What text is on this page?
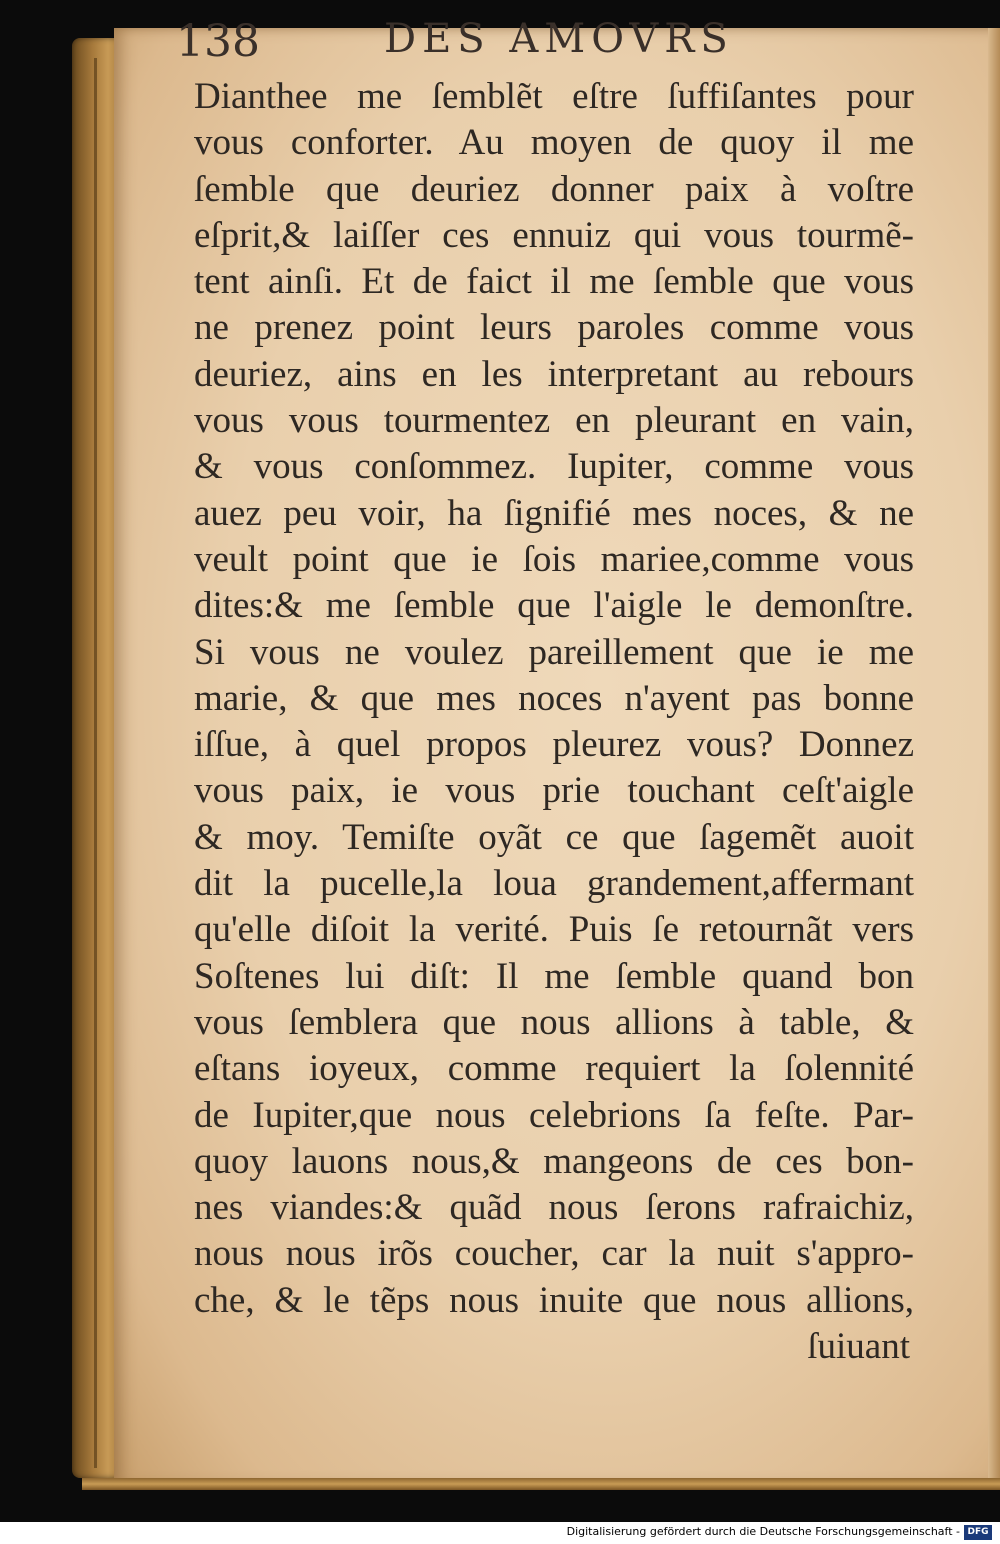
138	DES AMOVRS
Dianthee me ſemblẽt eſtre ſuffiſantes pour
vous conforter. Au moyen de quoy il me
ſemble que deuriez donner paix à voſtre
eſprit,& laiſſer ces ennuiz qui vous tourmẽ-
tent ainſi. Et de faict il me ſemble que vous
ne prenez point leurs paroles comme vous
deuriez, ains en les interpretant au rebours
vous vous tourmentez en pleurant en vain,
& vous conſommez. Iupiter, comme vous
auez peu voir, ha ſignifié mes noces, & ne
veult point que ie ſois mariee,comme vous
dites:& me ſemble que l'aigle le demonſtre.
Si vous ne voulez pareillement que ie me
marie, & que mes noces n'ayent pas bonne
iſſue, à quel propos pleurez vous? Donnez
vous paix, ie vous prie touchant ceſt'aigle
& moy. Temiſte oyãt ce que ſagemẽt auoit
dit la pucelle,la loua grandement,affermant
qu'elle diſoit la verité. Puis ſe retournãt vers
Soſtenes lui diſt: Il me ſemble quand bon
vous ſemblera que nous allions à table, &
eſtans ioyeux, comme requiert la ſolennité
de Iupiter,que nous celebrions ſa feſte. Par-
quoy lauons nous,& mangeons de ces bon-
nes viandes:& quãd nous ſerons rafraichiz,
nous nous irõs coucher, car la nuit s'appro-
che, & le tẽps nous inuite que nous allions,
ſuiuant
Digitalisierung gefördert durch die Deutsche Forschungsgemeinschaft - DFG
